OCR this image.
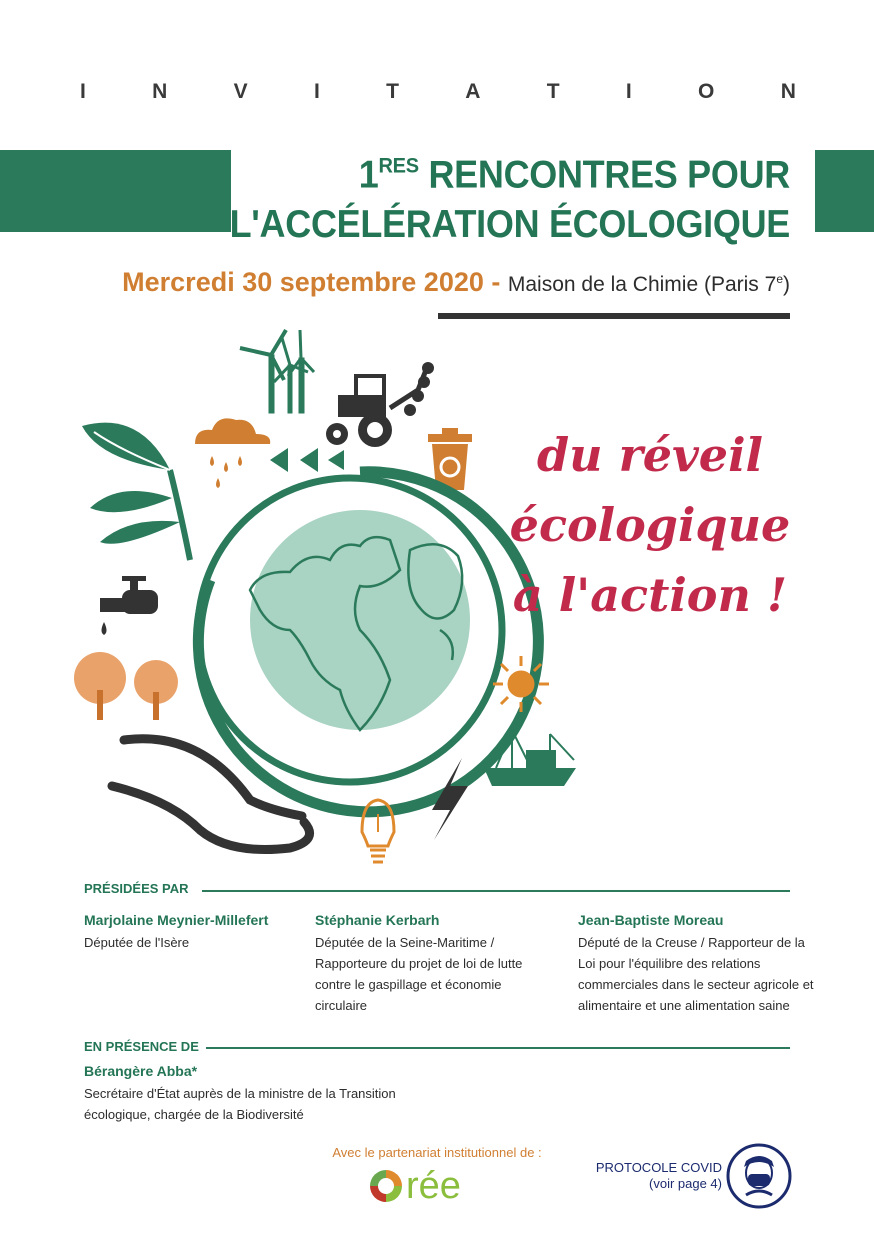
I	N	V	I	T	A	T	I	O	N
1RES RENCONTRES POUR
L'ACCÉLÉRATION ÉCOLOGIQUE
Mercredi 30 septembre 2020 - Maison de la Chimie (Paris 7e)
du réveil
écologique
à l'action !
PRÉSIDÉES PAR
Marjolaine Meynier-Millefert
Députée de l'Isère
Stéphanie Kerbarh
Députée de la Seine-Maritime / Rapporteure du projet de loi de lutte contre le gaspillage et économie circulaire
Jean-Baptiste Moreau
Député de la Creuse / Rapporteur de la Loi pour l'équilibre des relations commerciales dans le secteur agricole et alimentaire et une alimentation saine
EN PRÉSENCE DE
Bérangère Abba*
Secrétaire d'État auprès de la ministre de la Transition écologique, chargée de la Biodiversité
Avec le partenariat institutionnel de :
rée	PROTOCOLE COVID
(voir page 4)
